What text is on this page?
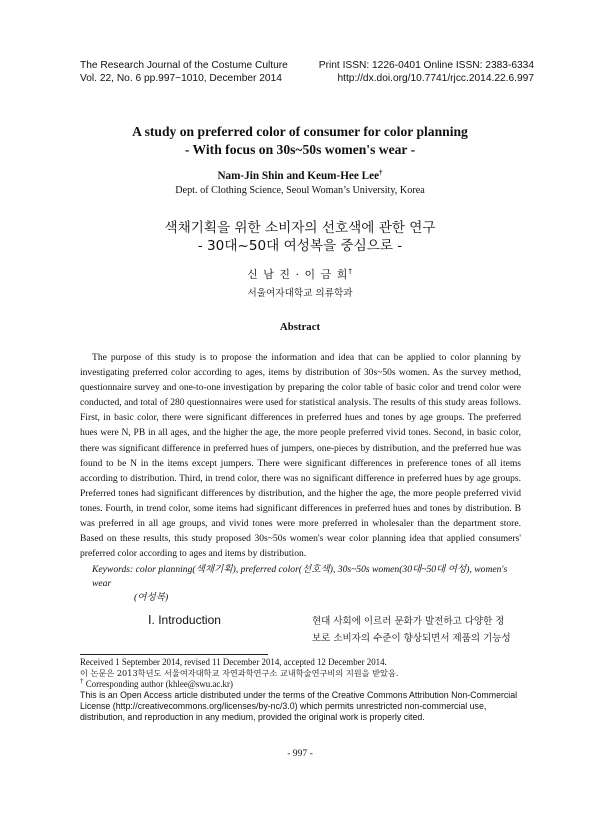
The Research Journal of the Costume Culture
Vol. 22, No. 6 pp.997~1010, December 2014
Print ISSN: 1226-0401 Online ISSN: 2383-6334
http://dx.doi.org/10.7741/rjcc.2014.22.6.997
A study on preferred color of consumer for color planning
- With focus on 30s~50s women's wear -
Nam-Jin Shin and Keum-Hee Lee†
Dept. of Clothing Science, Seoul Woman’s University, Korea
색채기획을 위한 소비자의 선호색에 관한 연구
- 30대~50대 여성복을 중심으로 -
신 남 진 · 이 금 희†
서울여자대학교 의류학과
Abstract

The purpose of this study is to propose the information and idea that can be applied to color planning by investigating preferred color according to ages, items by distribution of 30s~50s women. As the survey method, questionnaire survey and one-to-one investigation by preparing the color table of basic color and trend color were conducted, and total of 280 questionnaires were used for statistical analysis. The results of this study areas follows. First, in basic color, there were significant differences in preferred hues and tones by age groups. The preferred hues were N, PB in all ages, and the higher the age, the more people preferred vivid tones. Second, in basic color, there was significant difference in preferred hues of jumpers, one-pieces by distribution, and the preferred hue was found to be N in the items except jumpers. There were significant differences in preference tones of all items according to distribution. Third, in trend color, there was no significant difference in preferred hues by age groups. Preferred tones had significant differences by distribution, and the higher the age, the more people preferred vivid tones. Fourth, in trend color, some items had significant differences in preferred hues and tones by distribution. B was preferred in all age groups, and vivid tones were more preferred in wholesaler than the department store. Based on these results, this study proposed 30s~50s women's wear color planning idea that applied consumers' preferred color according to ages and items by distribution.

Keywords: color planning(색채기획), preferred color(선호색), 30s~50s women(30대~50대 여성), women's wear
(여성복)
Ⅰ. Introduction	현대 사회에 이르러 문화가 발전하고 다양한 정
보로 소비자의 수준이 향상되면서 제품의 기능성
Received 1 September 2014, revised 11 December 2014, accepted 12 December 2014.
이 논문은 2013학년도 서울여자대학교 자연과학연구소 교내학술연구비의 지원을 받았음.
† Corresponding author (khlee@swu.ac.kr)
This is an Open Access article distributed under the terms of the Creative Commons Attribution Non-Commercial License (http://creativecommons.org/licenses/by-nc/3.0) which permits unrestricted non-commercial use, distribution, and reproduction in any medium, provided the original work is properly cited.
- 997 -
